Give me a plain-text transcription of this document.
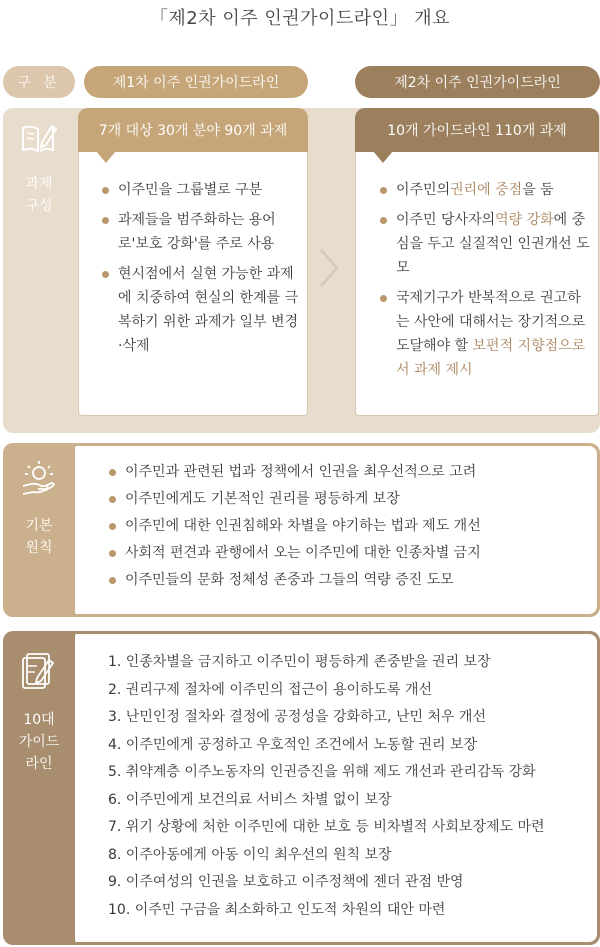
「제2차 이주 인권가이드라인」 개요
구 분	제1차 이주 인권가이드라인	제2차 이주 인권가이드라인
과제
구성
7개 대상 30개 분야 90개 과제
이주민을 그룹별로 구분
과제들을 범주화하는 용어로'보호 강화'를 주로 사용
현시점에서 실현 가능한 과제에 치중하여 현실의 한계를 극복하기 위한 과제가 일부 변경·삭제
10개 가이드라인 110개 과제
이주민의권리에 중점을 둠
이주민 당사자의역량 강화에 중심을 두고 실질적인 인권개선 도모
국제기구가 반복적으로 권고하는 사안에 대해서는 장기적으로 도달해야 할 보편적 지향점으로서 과제 제시
기본
원칙
이주민과 관련된 법과 정책에서 인권을 최우선적으로 고려
이주민에게도 기본적인 권리를 평등하게 보장
이주민에 대한 인권침해와 차별을 야기하는 법과 제도 개선
사회적 편견과 관행에서 오는 이주민에 대한 인종차별 금지
이주민들의 문화 정체성 존중과 그들의 역량 증진 도모
10대
가이드
라인
1. 인종차별을 금지하고 이주민이 평등하게 존중받을 권리 보장
2. 권리구제 절차에 이주민의 접근이 용이하도록 개선
3. 난민인정 절차와 결정에 공정성을 강화하고, 난민 처우 개선
4. 이주민에게 공정하고 우호적인 조건에서 노동할 권리 보장
5. 취약계층 이주노동자의 인권증진을 위해 제도 개선과 관리감독 강화
6. 이주민에게 보건의료 서비스 차별 없이 보장
7. 위기 상황에 처한 이주민에 대한 보호 등 비차별적 사회보장제도 마련
8. 이주아동에게 아동 이익 최우선의 원칙 보장
9. 이주여성의 인권을 보호하고 이주정책에 젠더 관점 반영
10. 이주민 구금을 최소화하고 인도적 차원의 대안 마련
